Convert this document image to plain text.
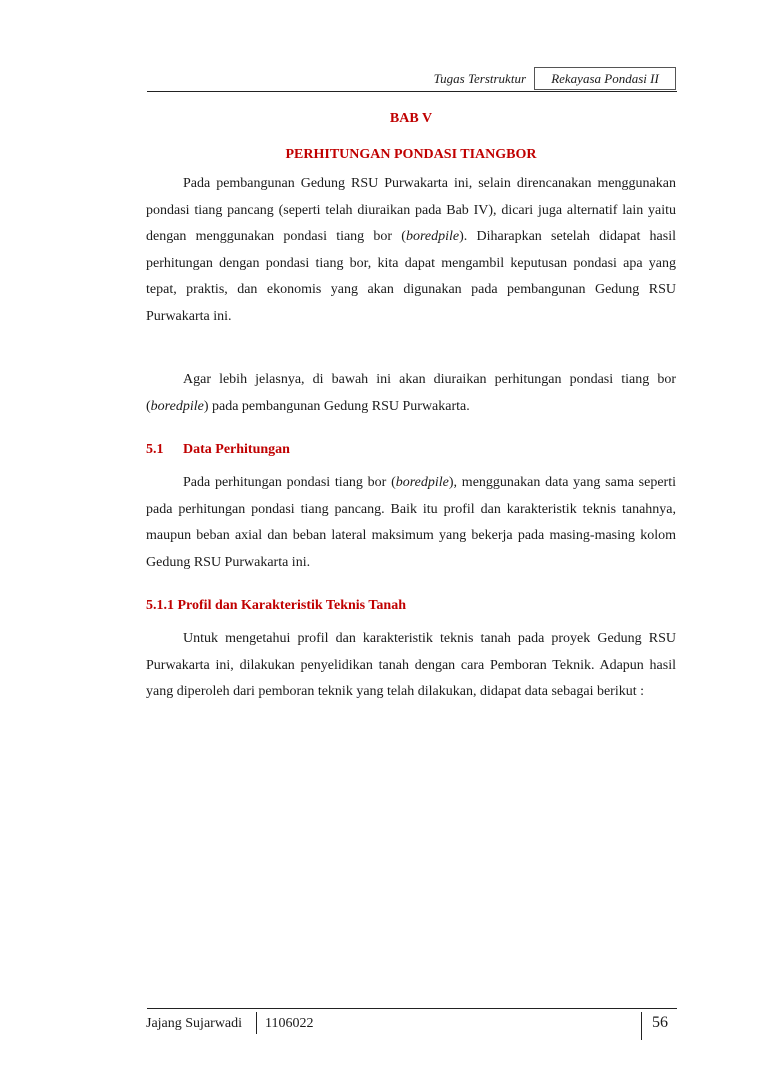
Tugas Terstruktur	Rekayasa Pondasi II
BAB V
PERHITUNGAN PONDASI TIANGBOR

Pada pembangunan Gedung RSU Purwakarta ini, selain direncanakan menggunakan pondasi tiang pancang (seperti telah diuraikan pada Bab IV), dicari juga alternatif lain yaitu dengan menggunakan pondasi tiang bor (boredpile). Diharapkan setelah didapat hasil perhitungan dengan pondasi tiang bor, kita dapat mengambil keputusan pondasi apa yang tepat, praktis, dan ekonomis yang akan digunakan pada pembangunan Gedung RSU Purwakarta ini.

Agar lebih jelasnya, di bawah ini akan diuraikan perhitungan pondasi tiang bor (boredpile) pada pembangunan Gedung RSU Purwakarta.

5.1 Data Perhitungan

Pada perhitungan pondasi tiang bor (boredpile), menggunakan data yang sama seperti pada perhitungan pondasi tiang pancang. Baik itu profil dan karakteristik teknis tanahnya, maupun beban axial dan beban lateral maksimum yang bekerja pada masing-masing kolom Gedung RSU Purwakarta ini.

5.1.1 Profil dan Karakteristik Teknis Tanah

Untuk mengetahui profil dan karakteristik teknis tanah pada proyek Gedung RSU Purwakarta ini, dilakukan penyelidikan tanah dengan cara Pemboran Teknik. Adapun hasil yang diperoleh dari pemboran teknik yang telah dilakukan, didapat data sebagai berikut :

Jajang Sujarwadi 1106022	56
